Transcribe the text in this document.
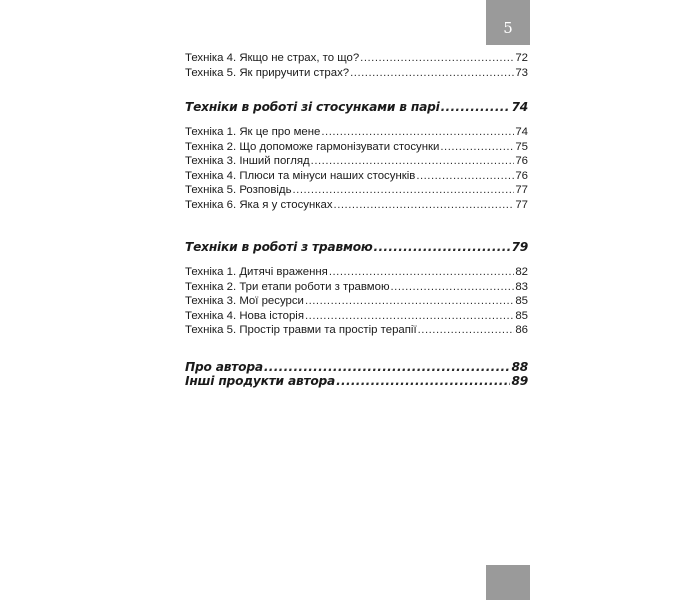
5
Техніка 4. Якщо не страх, то що? .....	72
Техніка 5. Як приручити страх? .....	73
Техніки в роботі зі стосунками в парі .....	74
Техніка 1. Як це про мене .....	74
Техніка 2. Що допоможе гармонізувати стосунки .....	75
Техніка 3. Інший погляд .....	76
Техніка 4. Плюси та мінуси наших стосунків .....	76
Техніка 5. Розповідь .....	77
Техніка 6. Яка я у стосунках .....	77
Техніки в роботі з травмою .....	79
Техніка 1. Дитячі враження .....	82
Техніка 2. Три етапи роботи з травмою .....	83
Техніка 3. Мої ресурси .....	85
Техніка 4. Нова історія .....	85
Техніка 5. Простір травми та простір терапії .....	86
Про автора .....	88
Інші продукти автора .....	89
